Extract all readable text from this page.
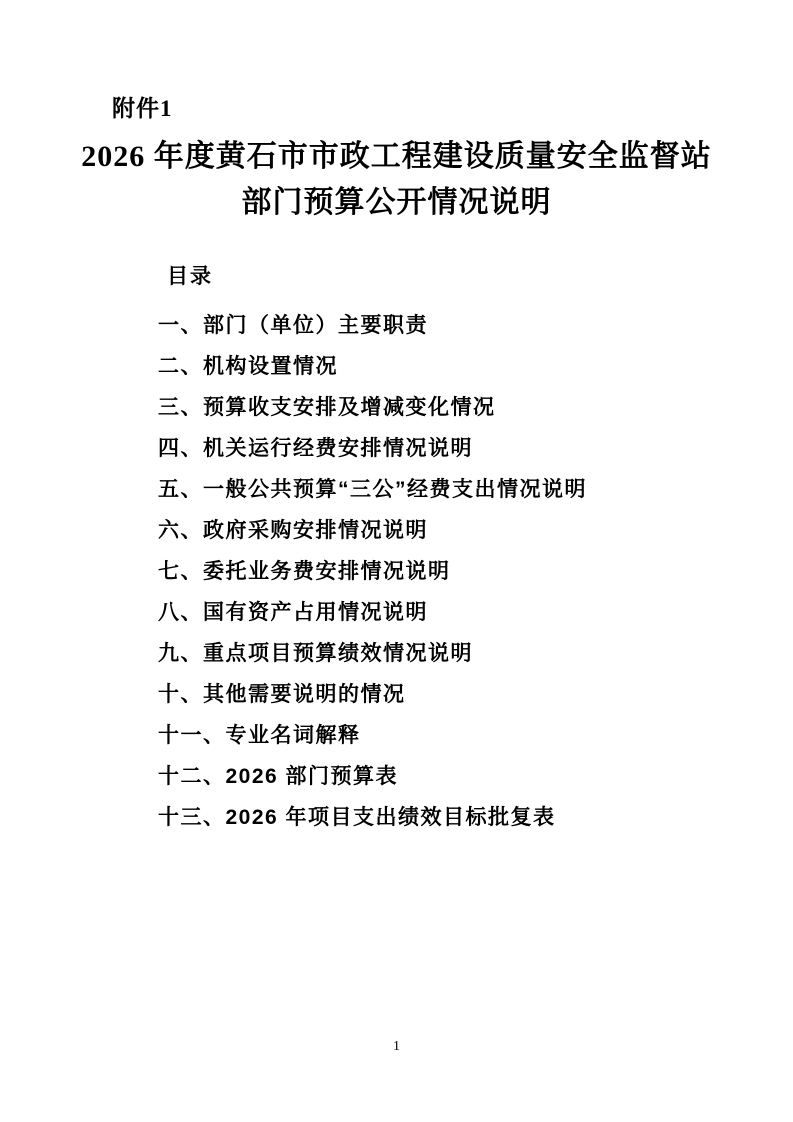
附件1
2026 年度黄石市市政工程建设质量安全监督站
部门预算公开情况说明
目录
一、部门（单位）主要职责
二、机构设置情况
三、预算收支安排及增减变化情况
四、机关运行经费安排情况说明
五、一般公共预算“三公”经费支出情况说明
六、政府采购安排情况说明
七、委托业务费安排情况说明
八、国有资产占用情况说明
九、重点项目预算绩效情况说明
十、其他需要说明的情况
十一、专业名词解释
十二、2026 部门预算表
十三、2026 年项目支出绩效目标批复表
1
